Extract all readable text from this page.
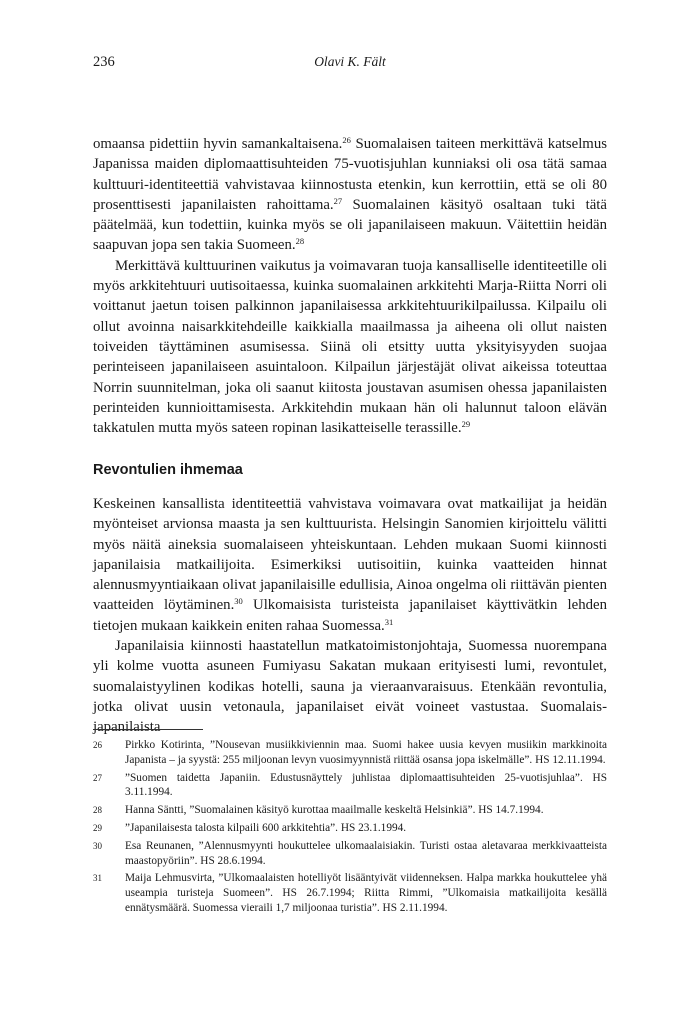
236	Olavi K. Fält

omaansa pidettiin hyvin samankaltaisena.$^{26}$ Suomalaisen taiteen merkittävä katselmus Japanissa maiden diplomaattisuhteiden 75-vuotisjuhlan kunniaksi oli osa tätä samaa kulttuuri-identiteettiä vahvistavaa kiinnostusta etenkin, kun kerrottiin, että se oli 80 prosenttisesti japanilaisten rahoittama.$^{27}$ Suomalainen käsityö osaltaan tuki tätä päätelmää, kun todettiin, kuinka myös se oli japanilaiseen makuun. Väitettiin heidän saapuvan jopa sen takia Suomeen.$^{28}$

Merkittävä kulttuurinen vaikutus ja voimavaran tuoja kansalliselle identiteetille oli myös arkkitehtuuri uutisoitaessa, kuinka suomalainen arkkitehti Marja-Riitta Norri oli voittanut jaetun toisen palkinnon japanilaisessa arkkitehtuurikilpailussa. Kilpailu oli ollut avoinna naisarkkitehdeille kaikkialla maailmassa ja aiheena oli ollut naisten toiveiden täyttäminen asumisessa. Siinä oli etsitty uutta yksityisyyden suojaa perinteiseen japanilaiseen asuintaloon. Kilpailun järjestäjät olivat aikeissa toteuttaa Norrin suunnitelman, joka oli saanut kiitosta joustavan asumisen ohessa japanilaisten perinteiden kunnioittamisesta. Arkkitehdin mukaan hän oli halunnut taloon elävän takkatulen mutta myös sateen ropinan lasikatteiselle terassille.$^{29}$

Revontulien ihmemaa

Keskeinen kansallista identiteettiä vahvistava voimavara ovat matkailijat ja heidän myönteiset arvionsa maasta ja sen kulttuurista. Helsingin Sanomien kirjoittelu välitti myös näitä aineksia suomalaiseen yhteiskuntaan. Lehden mukaan Suomi kiinnosti japanilaisia matkailijoita. Esimerkiksi uutisoitiin, kuinka vaatteiden hinnat alennusmyyntiaikaan olivat japanilaisille edullisia, Ainoa ongelma oli riittävän pienten vaatteiden löytäminen.$^{30}$ Ulkomaisista turisteista japanilaiset käyttivätkin lehden tietojen mukaan kaikkein eniten rahaa Suomessa.$^{31}$

Japanilaisia kiinnosti haastatellun matkatoimistonjohtaja, Suomessa nuorempana yli kolme vuotta asuneen Fumiyasu Sakatan mukaan erityisesti lumi, revontulet, suomalaistyylinen kodikas hotelli, sauna ja vieraanvaraisuus. Etenkään revontulia, jotka olivat uusin vetonaula, japanilaiset eivät voineet vastustaa. Suomalais-japanilaista

26	Pirkko Kotirinta, ”Nousevan musiikkiviennin maa. Suomi hakee uusia kevyen musiikin markkinoita Japanista – ja syystä: 255 miljoonan levyn vuosimyynnistä riittää osansa jopa iskelmälle”. HS 12.11.1994.
27	”Suomen taidetta Japaniin. Edustusnäyttely juhlistaa diplomaattisuhteiden 25-vuotisjuhlaa”. HS 3.11.1994.
28	Hanna Säntti, ”Suomalainen käsityö kurottaa maailmalle keskeltä Helsinkiä”. HS 14.7.1994.
29	”Japanilaisesta talosta kilpaili 600 arkkitehtia”. HS 23.1.1994.
30	Esa Reunanen, ”Alennusmyynti houkuttelee ulkomaalaisiakin. Turisti ostaa aletavaraa merkkivaatteista maastopyöriin”. HS 28.6.1994.
31	Maija Lehmusvirta, ”Ulkomaalaisten hotelliyöt lisääntyivät viidenneksen. Halpa markka houkuttelee yhä useampia turisteja Suomeen”. HS 26.7.1994; Riitta Rimmi, ”Ulkomaisia matkailijoita kesällä ennätysmäärä. Suomessa vieraili 1,7 miljoonaa turistia”. HS 2.11.1994.
